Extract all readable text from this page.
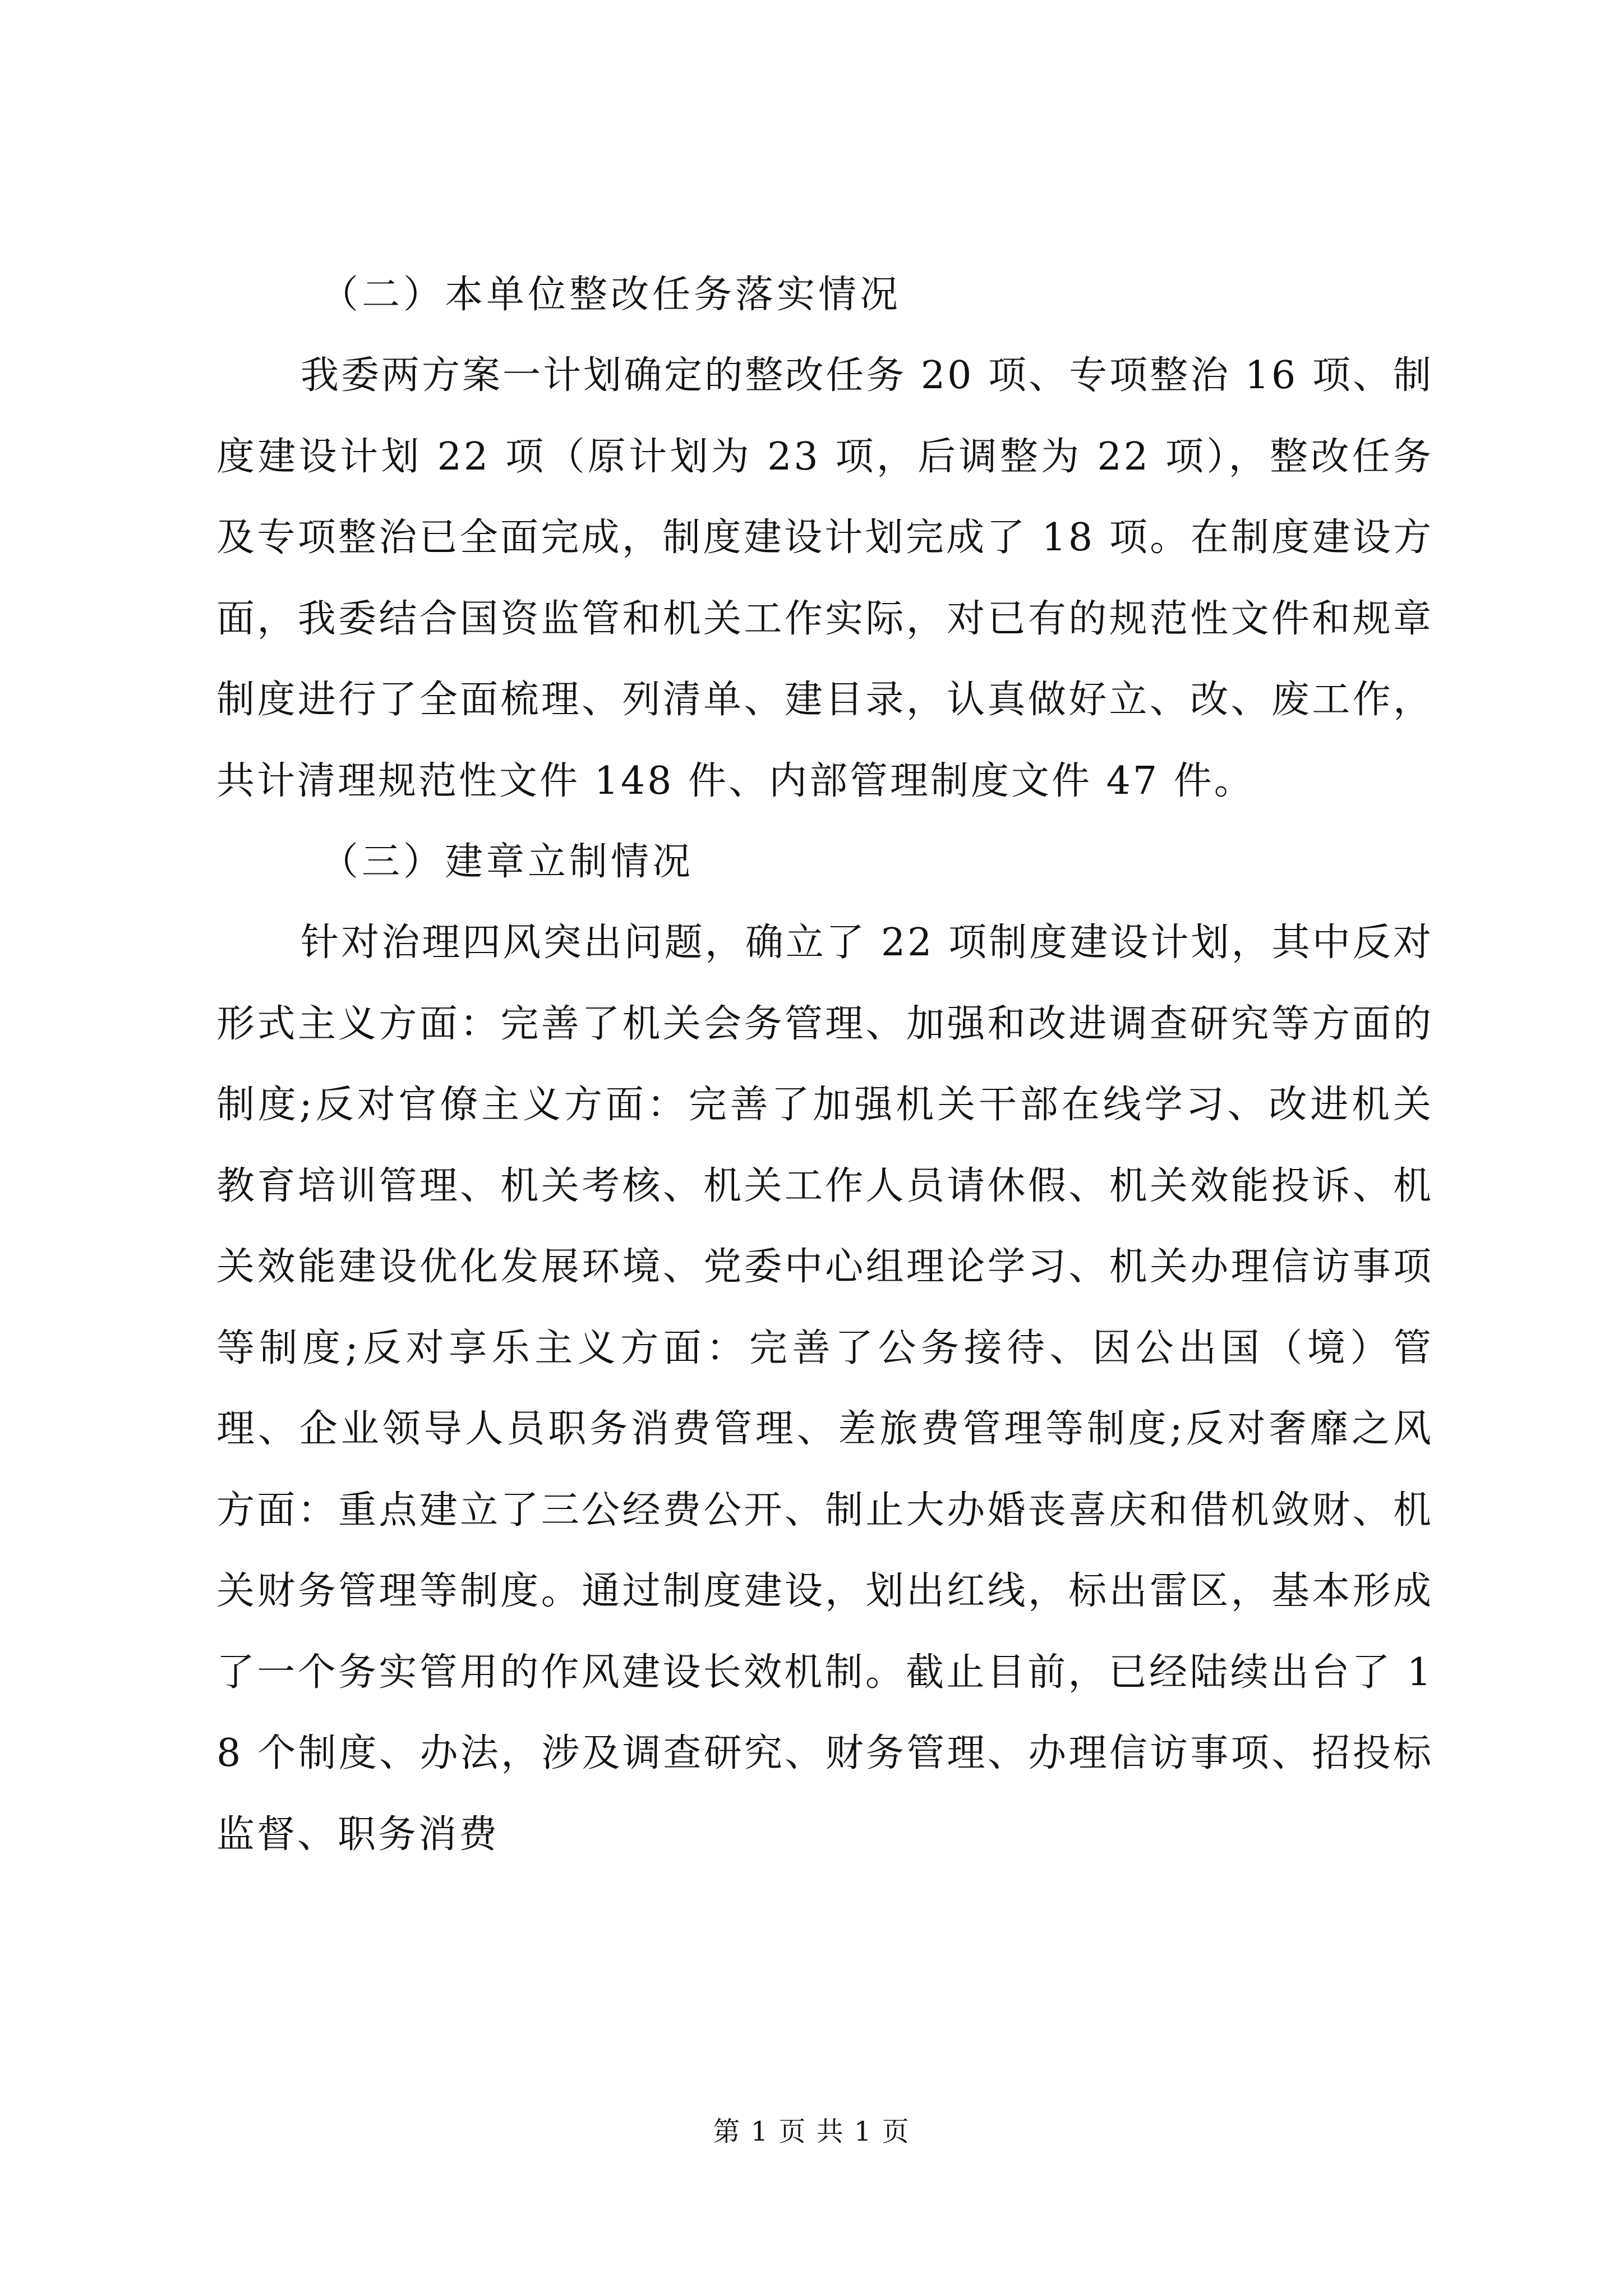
（二）本单位整改任务落实情况

我委两方案一计划确定的整改任务 20 项、专项整治 16 项、制度建设计划 22 项（原计划为 23 项，后调整为 22 项），整改任务及专项整治已全面完成，制度建设计划完成了 18 项。在制度建设方面，我委结合国资监管和机关工作实际，对已有的规范性文件和规章制度进行了全面梳理、列清单、建目录，认真做好立、改、废工作，共计清理规范性文件 148 件、内部管理制度文件 47 件。

（三）建章立制情况

针对治理四风突出问题，确立了 22 项制度建设计划，其中反对形式主义方面：完善了机关会务管理、加强和改进调查研究等方面的制度;反对官僚主义方面：完善了加强机关干部在线学习、改进机关教育培训管理、机关考核、机关工作人员请休假、机关效能投诉、机关效能建设优化发展环境、党委中心组理论学习、机关办理信访事项等制度;反对享乐主义方面：完善了公务接待、因公出国（境）管理、企业领导人员职务消费管理、差旅费管理等制度;反对奢靡之风方面：重点建立了三公经费公开、制止大办婚丧喜庆和借机敛财、机关财务管理等制度。通过制度建设，划出红线，标出雷区，基本形成了一个务实管用的作风建设长效机制。截止目前，已经陆续出台了 18 个制度、办法，涉及调查研究、财务管理、办理信访事项、招投标监督、职务消费

第 1 页 共 1 页
